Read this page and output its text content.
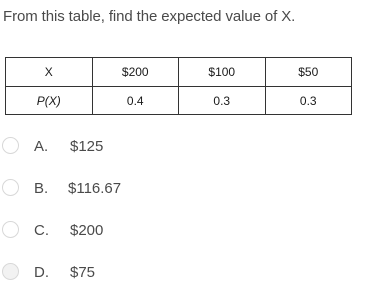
From this table, find the expected value of X.
X	$200	$100	$50
P(X)	0.4	0.3	0.3
A. $125
B. $116.67
C. $200
D. $75
